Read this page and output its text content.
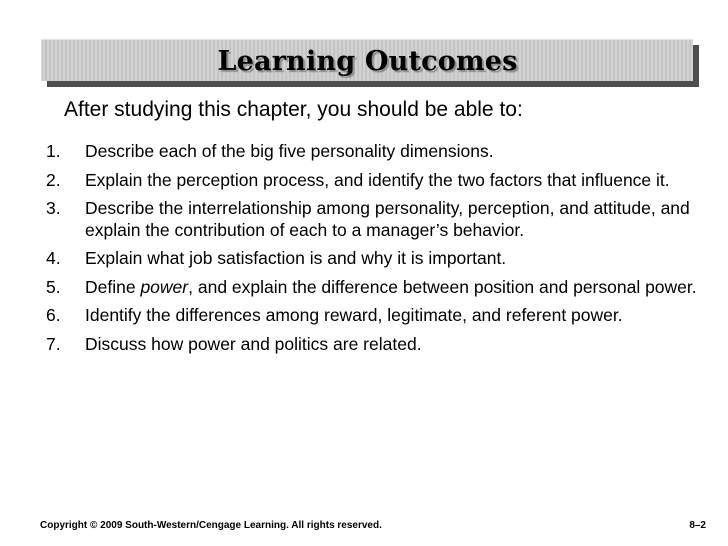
Learning Outcomes
After studying this chapter, you should be able to:
1. Describe each of the big five personality dimensions.
2. Explain the perception process, and identify the two factors that influence it.
3. Describe the interrelationship among personality, perception, and attitude, and explain the contribution of each to a manager’s behavior.
4. Explain what job satisfaction is and why it is important.
5. Define power, and explain the difference between position and personal power.
6. Identify the differences among reward, legitimate, and referent power.
7. Discuss how power and politics are related.
Copyright © 2009 South-Western/Cengage Learning. All rights reserved.	8–2
